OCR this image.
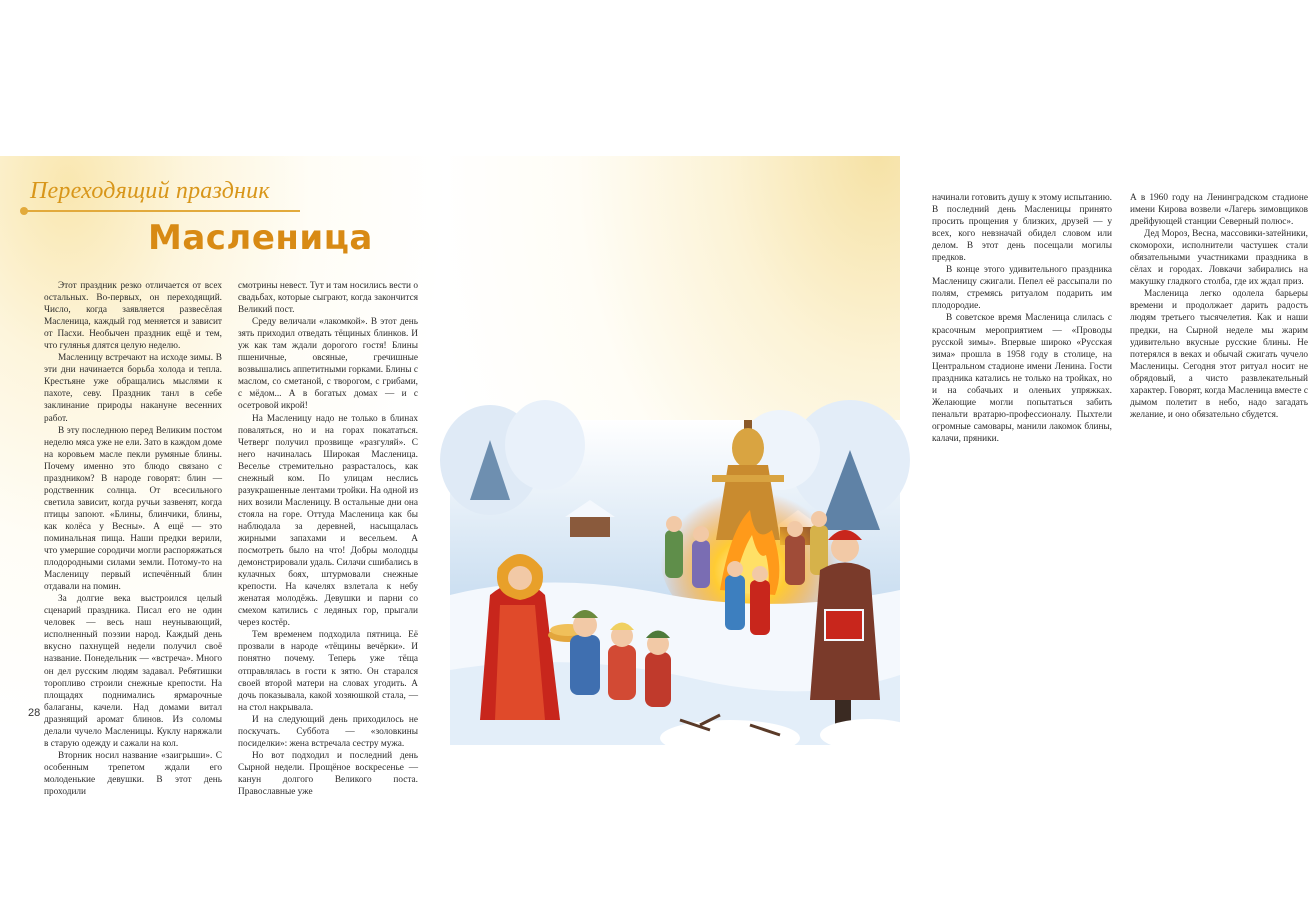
Переходящий праздник
Масленица

Этот праздник резко отличается от всех остальных. Во-первых, он переходящий. Число, когда заявляется развесёлая Масленица, каждый год меняется и зависит от Пасхи. Необычен праздник ещё и тем, что гулянья длятся целую неделю.

Масленицу встречают на исходе зимы. В эти дни начинается борьба холода и тепла. Крестьяне уже обращались мыслями к пахоте, севу. Праздник танл в себе заклинание природы наканунe весенних работ.

В эту последнюю перед Великим постом неделю мяса уже не ели. Зато в каждом доме на коровьем масле пекли румяные блины. Почему именно это блюдо связано с праздником? В народе говорят: блин — родственник солнца. От всесильного светила зависит, когда ручьи зазвенят, когда птицы запоют. «Блины, блинчики, блины, как колёса у Весны». А ещё — это поминальная пища. Наши предки верили, что умершие сородичи могли распоряжаться плодородными силами земли. Потому-то на Масленицу первый испечённый блин отдавали на помин.

За долгие века выстроился целый сценарий праздника. Писал его не один человек — весь наш неунывающий, исполненный поэзии народ. Каждый день вкусно пахнущей недели получил своё название. Понедельник — «встреча». Много он дел русским людям задавал. Ребятишки торопливо строили снежные крепости. На площадях поднимались ярмарочные балаганы, качели. Над домами витал дразнящий аромат блинов. Из соломы делали чучело Масленицы. Куклу наряжали в старую одежду и сажали на кол.

Вторник носил название «заигрыши». С особенным трепетом ждали его молоденькие девушки. В этот день проходили

смотрины невест. Тут и там носились вести о свадьбах, которые сыграют, когда закончится Великий пост.

Среду величали «лакомкой». В этот день зять приходил отведать тёщиных блинков. И уж как там ждали дорогого гостя! Блины пшеничные, овсяные, гречишные возвышались аппетитными горками. Блины с маслом, со сметаной, с творогом, с грибами, с мёдом... А в богатых домах — и с осетровой икрой!

На Масленицу надо не только в блинах поваляться, но и на горах покататься. Четверг получил прозвище «разгуляй». С него начиналась Широкая Масленица. Веселье стремительно разрасталось, как снежный ком. По улицам неслись разукрашенные лентами тройки. На одной из них возили Масленицу. В остальные дни она стояла на горе. Оттуда Масленица как бы наблюдала за деревней, насыщалась жирными запахами и весельем. А посмотреть было на что! Добры молодцы демонстрировали удаль. Силачи сшибались в кулачных боях, штурмовали снежные крепости. На качелях взлетала к небу женатая молодёжь. Девушки и парни со смехом катились с ледяных гор, прыгали через костёр.

Тем временем подходила пятница. Её прозвали в народе «тёщины вечёрки». И понятно почему. Теперь уже тёща отправлялась в гости к зятю. Он старался своей второй матери на словах угодить. А дочь показывала, какой хозяюшкой стала, — на стол накрывала.

И на следующий день приходилось не поскучать. Суббота — «золовкины посиделки»: жена встречала сестру мужа.

Но вот подходил и последний день Сырной недели. Прощёное воскресенье — канун долгого Великого поста. Православные уже

28

начинали готовить душу к этому испытанию. В последний день Масленицы принято просить прощения у близких, друзей — у всех, кого невзначай обидел словом или делом. В этот день посещали могилы предков.

В конце этого удивительного праздника Масленицу сжигали. Пепел её рассыпали по полям, стремясь ритуалом подарить им плодородие.

В советское время Масленица слилась с красочным мероприятием — «Проводы русской зимы». Впервые широко «Русская зима» прошла в 1958 году в столице, на Центральном стадионе имени Ленина. Гости праздника катались не только на тройках, но и на собачьих и оленьих упряжках. Желающие могли попытаться забить пенальти вратарю-профессионалу. Пыхтели огромные самовары, манили лакомок блины, калачи, пряники.

А в 1960 году на Ленинградском стадионе имени Кирова возвели «Лагерь зимовщиков дрейфующей станции Северный полюс».

Дед Мороз, Весна, массовики-затейники, скоморохи, исполнители частушек стали обязательными участниками праздника в сёлах и городах. Ловкачи забирались на макушку гладкого столба, где их ждал приз.

Масленица легко одолела барьеры времени и продолжает дарить радость людям третьего тысячелетия. Как и наши предки, на Сырной неделе мы жарим удивительно вкусные русские блины. Не потерялся в веках и обычай сжигать чучело Масленицы. Сегодня этот ритуал носит не обрядовый, а чисто развлекательный характер. Говорят, когда Масленица вместе с дымом полетит в небо, надо загадать желание, и оно обязательно сбудется.
